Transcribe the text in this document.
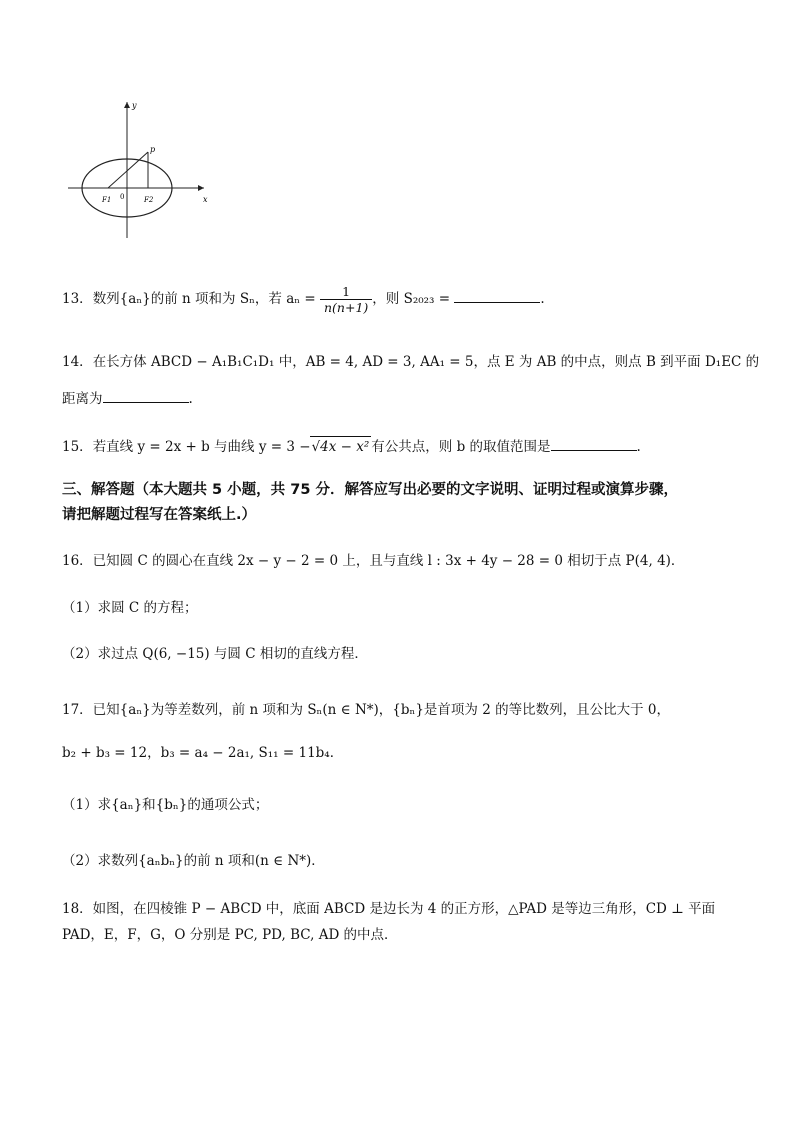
y
p
F1 0	F2	x
13．数列{aₙ}的前 n 项和为 Sₙ，若 $a_n = \frac{1}{n(n+1)}$ ，则 S₂₀₂₃ =	.
14．在长方体 ABCD − A₁B₁C₁D₁ 中，AB = 4, AD = 3, AA₁ = 5，点 E 为 AB 的中点，则点 B 到平面 D₁EC 的
距离为	.
15．若直线 y = 2x + b 与曲线 y = 3 −√4x − x² 有公共点，则 b 的取值范围是	.
三、解答题（本大题共 5 小题，共 75 分．解答应写出必要的文字说明、证明过程或演算步骤，
请把解题过程写在答案纸上.）
16．已知圆 C 的圆心在直线 2x − y − 2 = 0 上，且与直线 l : 3x + 4y − 28 = 0 相切于点 P(4, 4)．
（1）求圆 C 的方程；
（2）求过点 Q(6, −15) 与圆 C 相切的直线方程．
17．已知{aₙ}为等差数列，前 n 项和为 Sₙ(n ∈ N*)，{bₙ}是首项为 2 的等比数列，且公比大于 0，
b₂ + b₃ = 12，b₃ = a₄ − 2a₁, S₁₁ = 11b₄．
（1）求{aₙ}和{bₙ}的通项公式；
（2）求数列{aₙbₙ}的前 n 项和(n ∈ N*)．
18．如图，在四棱锥 P − ABCD 中，底面 ABCD 是边长为 4 的正方形，△PAD 是等边三角形，CD ⊥ 平面
PAD，E，F，G，O 分别是 PC, PD, BC, AD 的中点．
